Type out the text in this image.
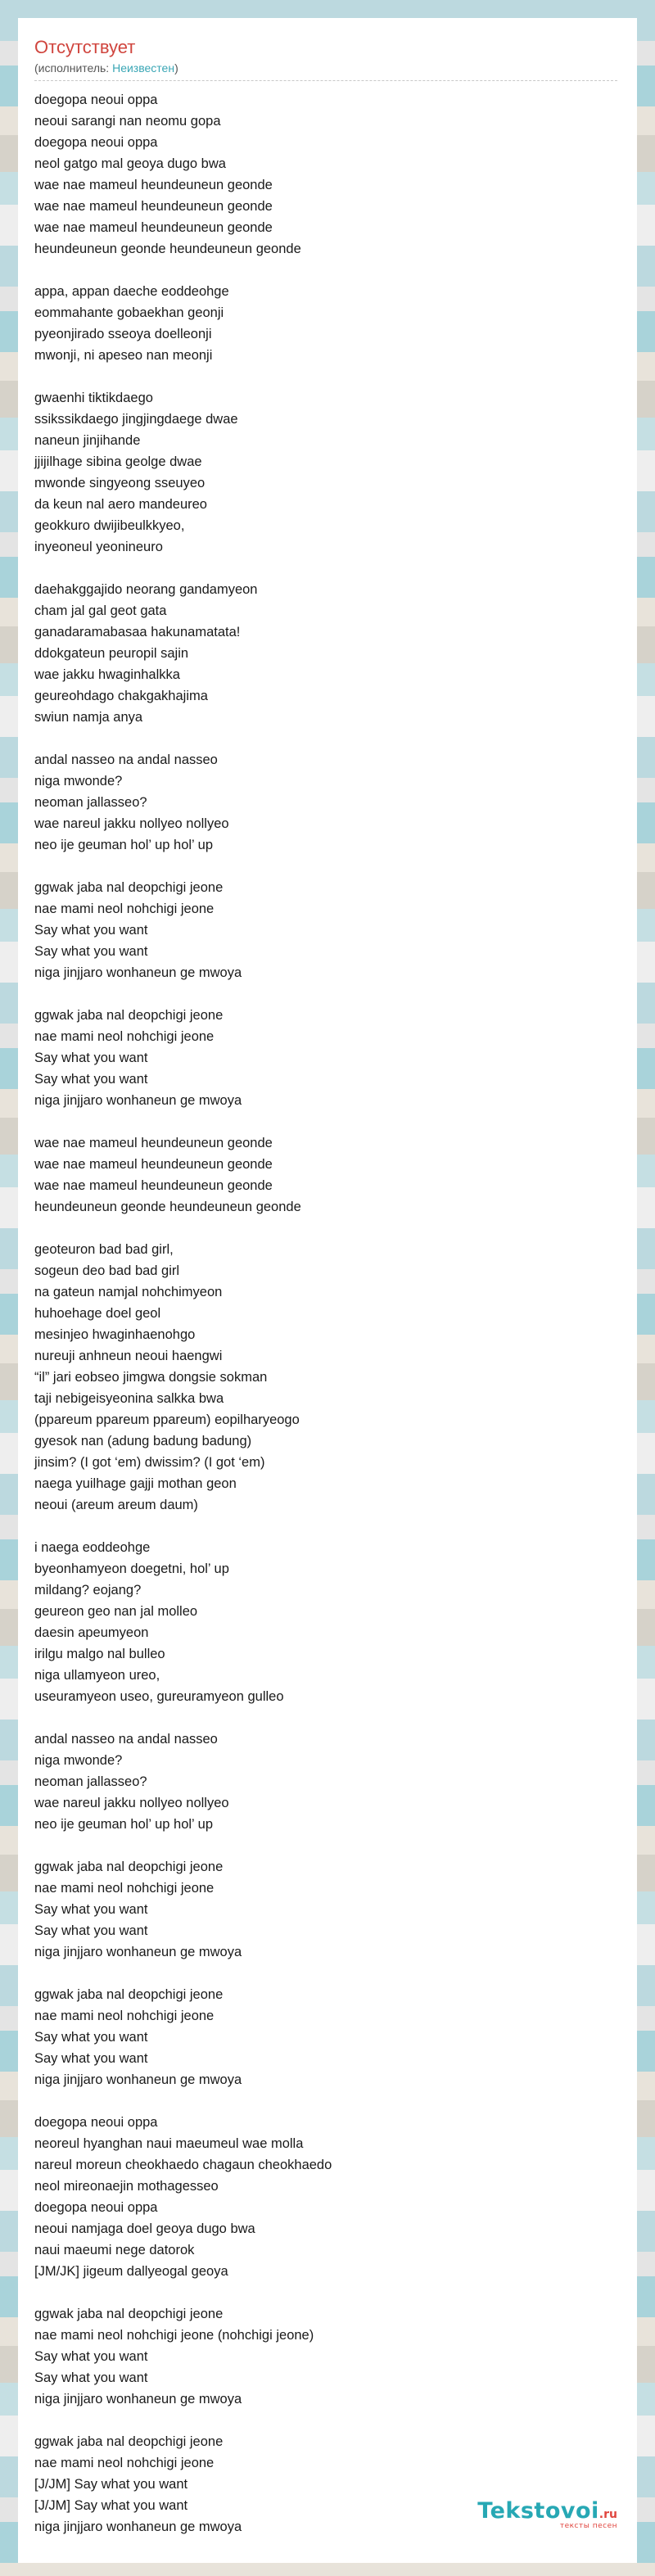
Отсутствует
(исполнитель: Неизвестен)
doegopa neoui oppa
neoui sarangi nan neomu gopa
doegopa neoui oppa
neol gatgo mal geoya dugo bwa
wae nae mameul heundeuneun geonde
wae nae mameul heundeuneun geonde
wae nae mameul heundeuneun geonde
heundeuneun geonde heundeuneun geonde
appa, appan daeche eoddeohge
eommahante gobaekhan geonji
pyeonjirado sseoya doelleonji
mwonji, ni apeseo nan meonji
gwaenhi tiktikdaego
ssikssikdaego jingjingdaege dwae
naneun jinjihande
jjijilhage sibina geolge dwae
mwonde singyeong sseuyeo
da keun nal aero mandeureo
geokkuro dwijibeulkkyeo,
inyeoneul yeonineuro
daehakggajido neorang gandamyeon
cham jal gal geot gata
ganadaramabasaa hakunamatata!
ddokgateun peuropil sajin
wae jakku hwaginhalkka
geureohdago chakgakhajima
swiun namja anya
andal nasseo na andal nasseo
niga mwonde?
neoman jallasseo?
wae nareul jakku nollyeo nollyeo
neo ije geuman hol’ up hol’ up
ggwak jaba nal deopchigi jeone
nae mami neol nohchigi jeone
Say what you want
Say what you want
niga jinjjaro wonhaneun ge mwoya
ggwak jaba nal deopchigi jeone
nae mami neol nohchigi jeone
Say what you want
Say what you want
niga jinjjaro wonhaneun ge mwoya
wae nae mameul heundeuneun geonde
wae nae mameul heundeuneun geonde
wae nae mameul heundeuneun geonde
heundeuneun geonde heundeuneun geonde
geoteuron bad bad girl,
sogeun deo bad bad girl
na gateun namjal nohchimyeon
huhoehage doel geol
mesinjeo hwaginhaenohgo
nureuji anhneun neoui haengwi
“il” jari eobseo jimgwa dongsie sokman
taji nebigeisyeonina salkka bwa
(ppareum ppareum ppareum) eopilharyeogo
gyesok nan (adung badung badung)
jinsim? (I got ‘em) dwissim? (I got ‘em)
naega yuilhage gajji mothan geon
neoui (areum areum daum)
i naega eoddeohge
byeonhamyeon doegetni, hol’ up
mildang? eojang?
geureon geo nan jal molleo
daesin apeumyeon
irilgu malgo nal bulleo
niga ullamyeon ureo,
useuramyeon useo, gureuramyeon gulleo
andal nasseo na andal nasseo
niga mwonde?
neoman jallasseo?
wae nareul jakku nollyeo nollyeo
neo ije geuman hol’ up hol’ up
ggwak jaba nal deopchigi jeone
nae mami neol nohchigi jeone
Say what you want
Say what you want
niga jinjjaro wonhaneun ge mwoya
ggwak jaba nal deopchigi jeone
nae mami neol nohchigi jeone
Say what you want
Say what you want
niga jinjjaro wonhaneun ge mwoya
doegopa neoui oppa
neoreul hyanghan naui maeumeul wae molla
nareul moreun cheokhaedo chagaun cheokhaedo
neol mireonaejin mothagesseo
doegopa neoui oppa
neoui namjaga doel geoya dugo bwa
naui maeumi nege datorok
[JM/JK] jigeum dallyeogal geoya
ggwak jaba nal deopchigi jeone
nae mami neol nohchigi jeone (nohchigi jeone)
Say what you want
Say what you want
niga jinjjaro wonhaneun ge mwoya
ggwak jaba nal deopchigi jeone
nae mami neol nohchigi jeone
[J/JM] Say what you want
[J/JM] Say what you want
niga jinjjaro wonhaneun ge mwoya
Tekstovoi.ru
тексты песен
